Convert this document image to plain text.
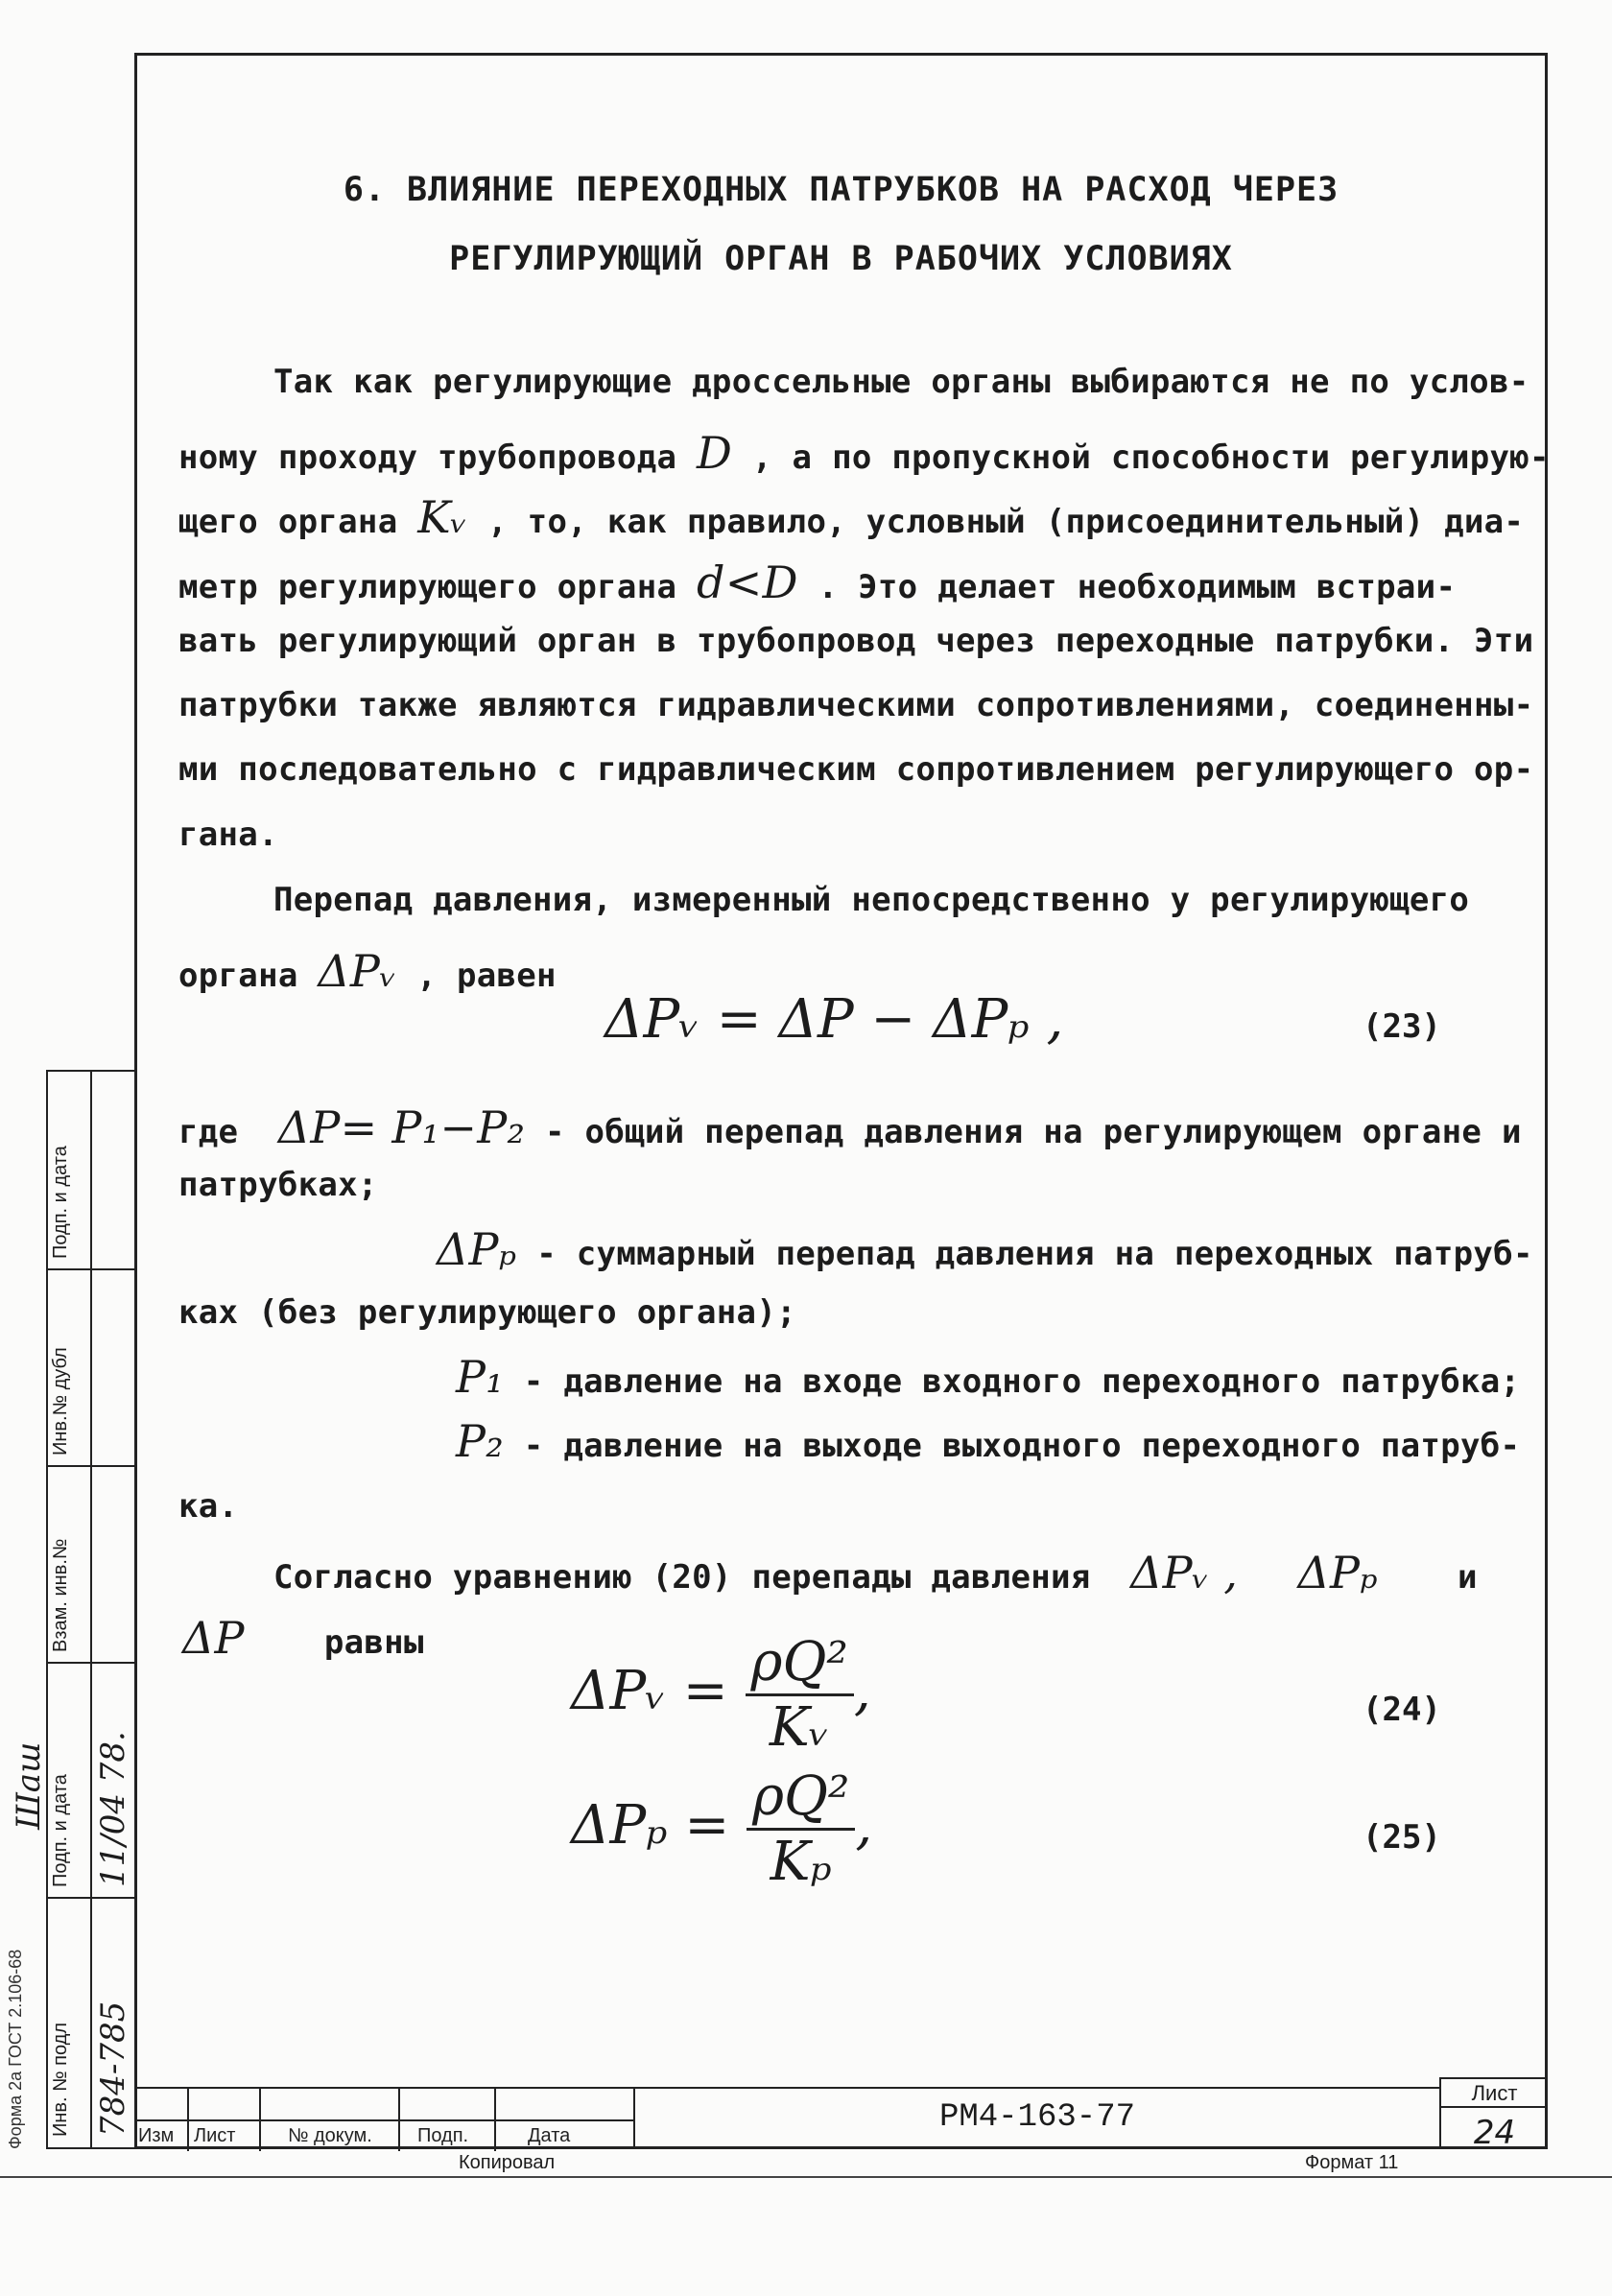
Подп. и дата
Инв.№ дубл
Взам. инв.№
Подп. и дата
Инв. № подл
Шаш 11/04 78.
784-785
Форма 2а ГОСТ 2.106-68
6. ВЛИЯНИЕ ПЕРЕХОДНЫХ ПАТРУБКОВ НА РАСХОД ЧЕРЕЗ
РЕГУЛИРУЮЩИЙ ОРГАН В РАБОЧИХ УСЛОВИЯХ
Так как регулирующие дроссельные органы выбираются не по услов-
ному проходу трубопровода D , а по пропускной способности регулирую-
щего органа Kᵥ , то, как правило, условный (присоединительный) диа-
метр регулирующего органа d<D . Это делает необходимым встраи-
вать регулирующий орган в трубопровод через переходные патрубки. Эти
патрубки также являются гидравлическими сопротивлениями, соединенны-
ми последовательно с гидравлическим сопротивлением регулирующего ор-
гана.
Перепад давления, измеренный непосредственно у регулирующего
органа ΔPᵥ , равен
ΔPᵥ = ΔP − ΔPₚ ,	(23)
где ΔP= P₁−P₂ - общий перепад давления на регулирующем органе и
патрубках;
ΔPₚ - суммарный перепад давления на переходных патруб-
ках (без регулирующего органа);
P₁ - давление на входе входного переходного патрубка;
P₂ - давление на выходе выходного переходного патруб-
ка.
Согласно уравнению (20) перепады давления ΔPᵥ , ΔPₚ и
ΔP равны
ΔPᵥ = $\frac{\text{ρQ²}}{\text{Kᵥ}}$ ,	(24)
$\Delta P_p = \frac{\text{ρQ²}}{\text{Kₚ}}$ ,	(25)
Изм Лист	№ докум. Подп.	Дата	РМ4-163-77
Лист
24
Копировал	Формат 11
